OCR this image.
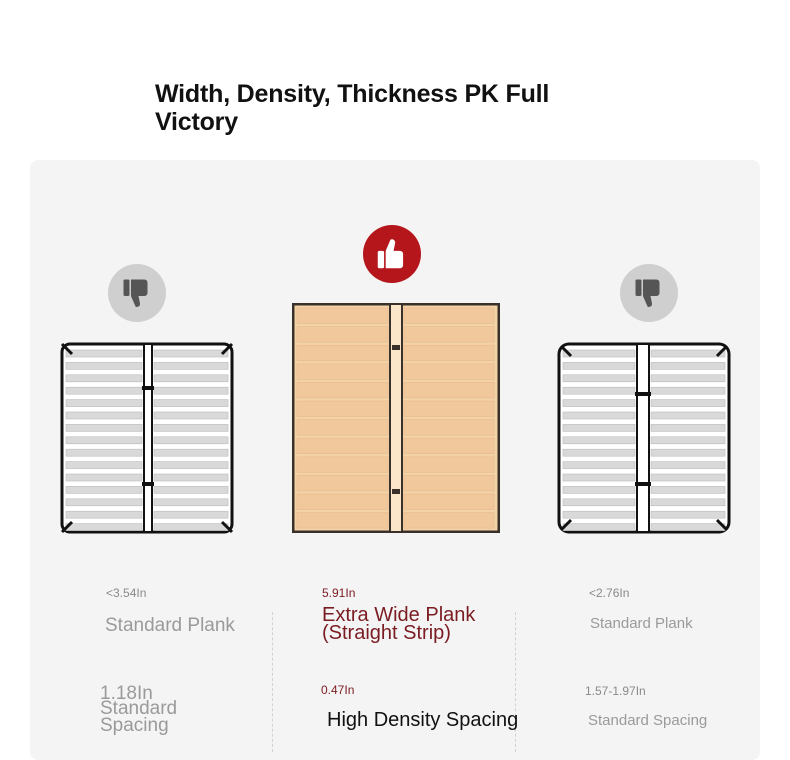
Width, Density, Thickness PK Full Victory
<3.54In
Standard Plank
1.18In
Standard
Spacing
5.91In
Extra Wide Plank
(Straight Strip)
0.47In
High Density Spacing
<2.76In
Standard Plank
1.57-1.97In
Standard Spacing
